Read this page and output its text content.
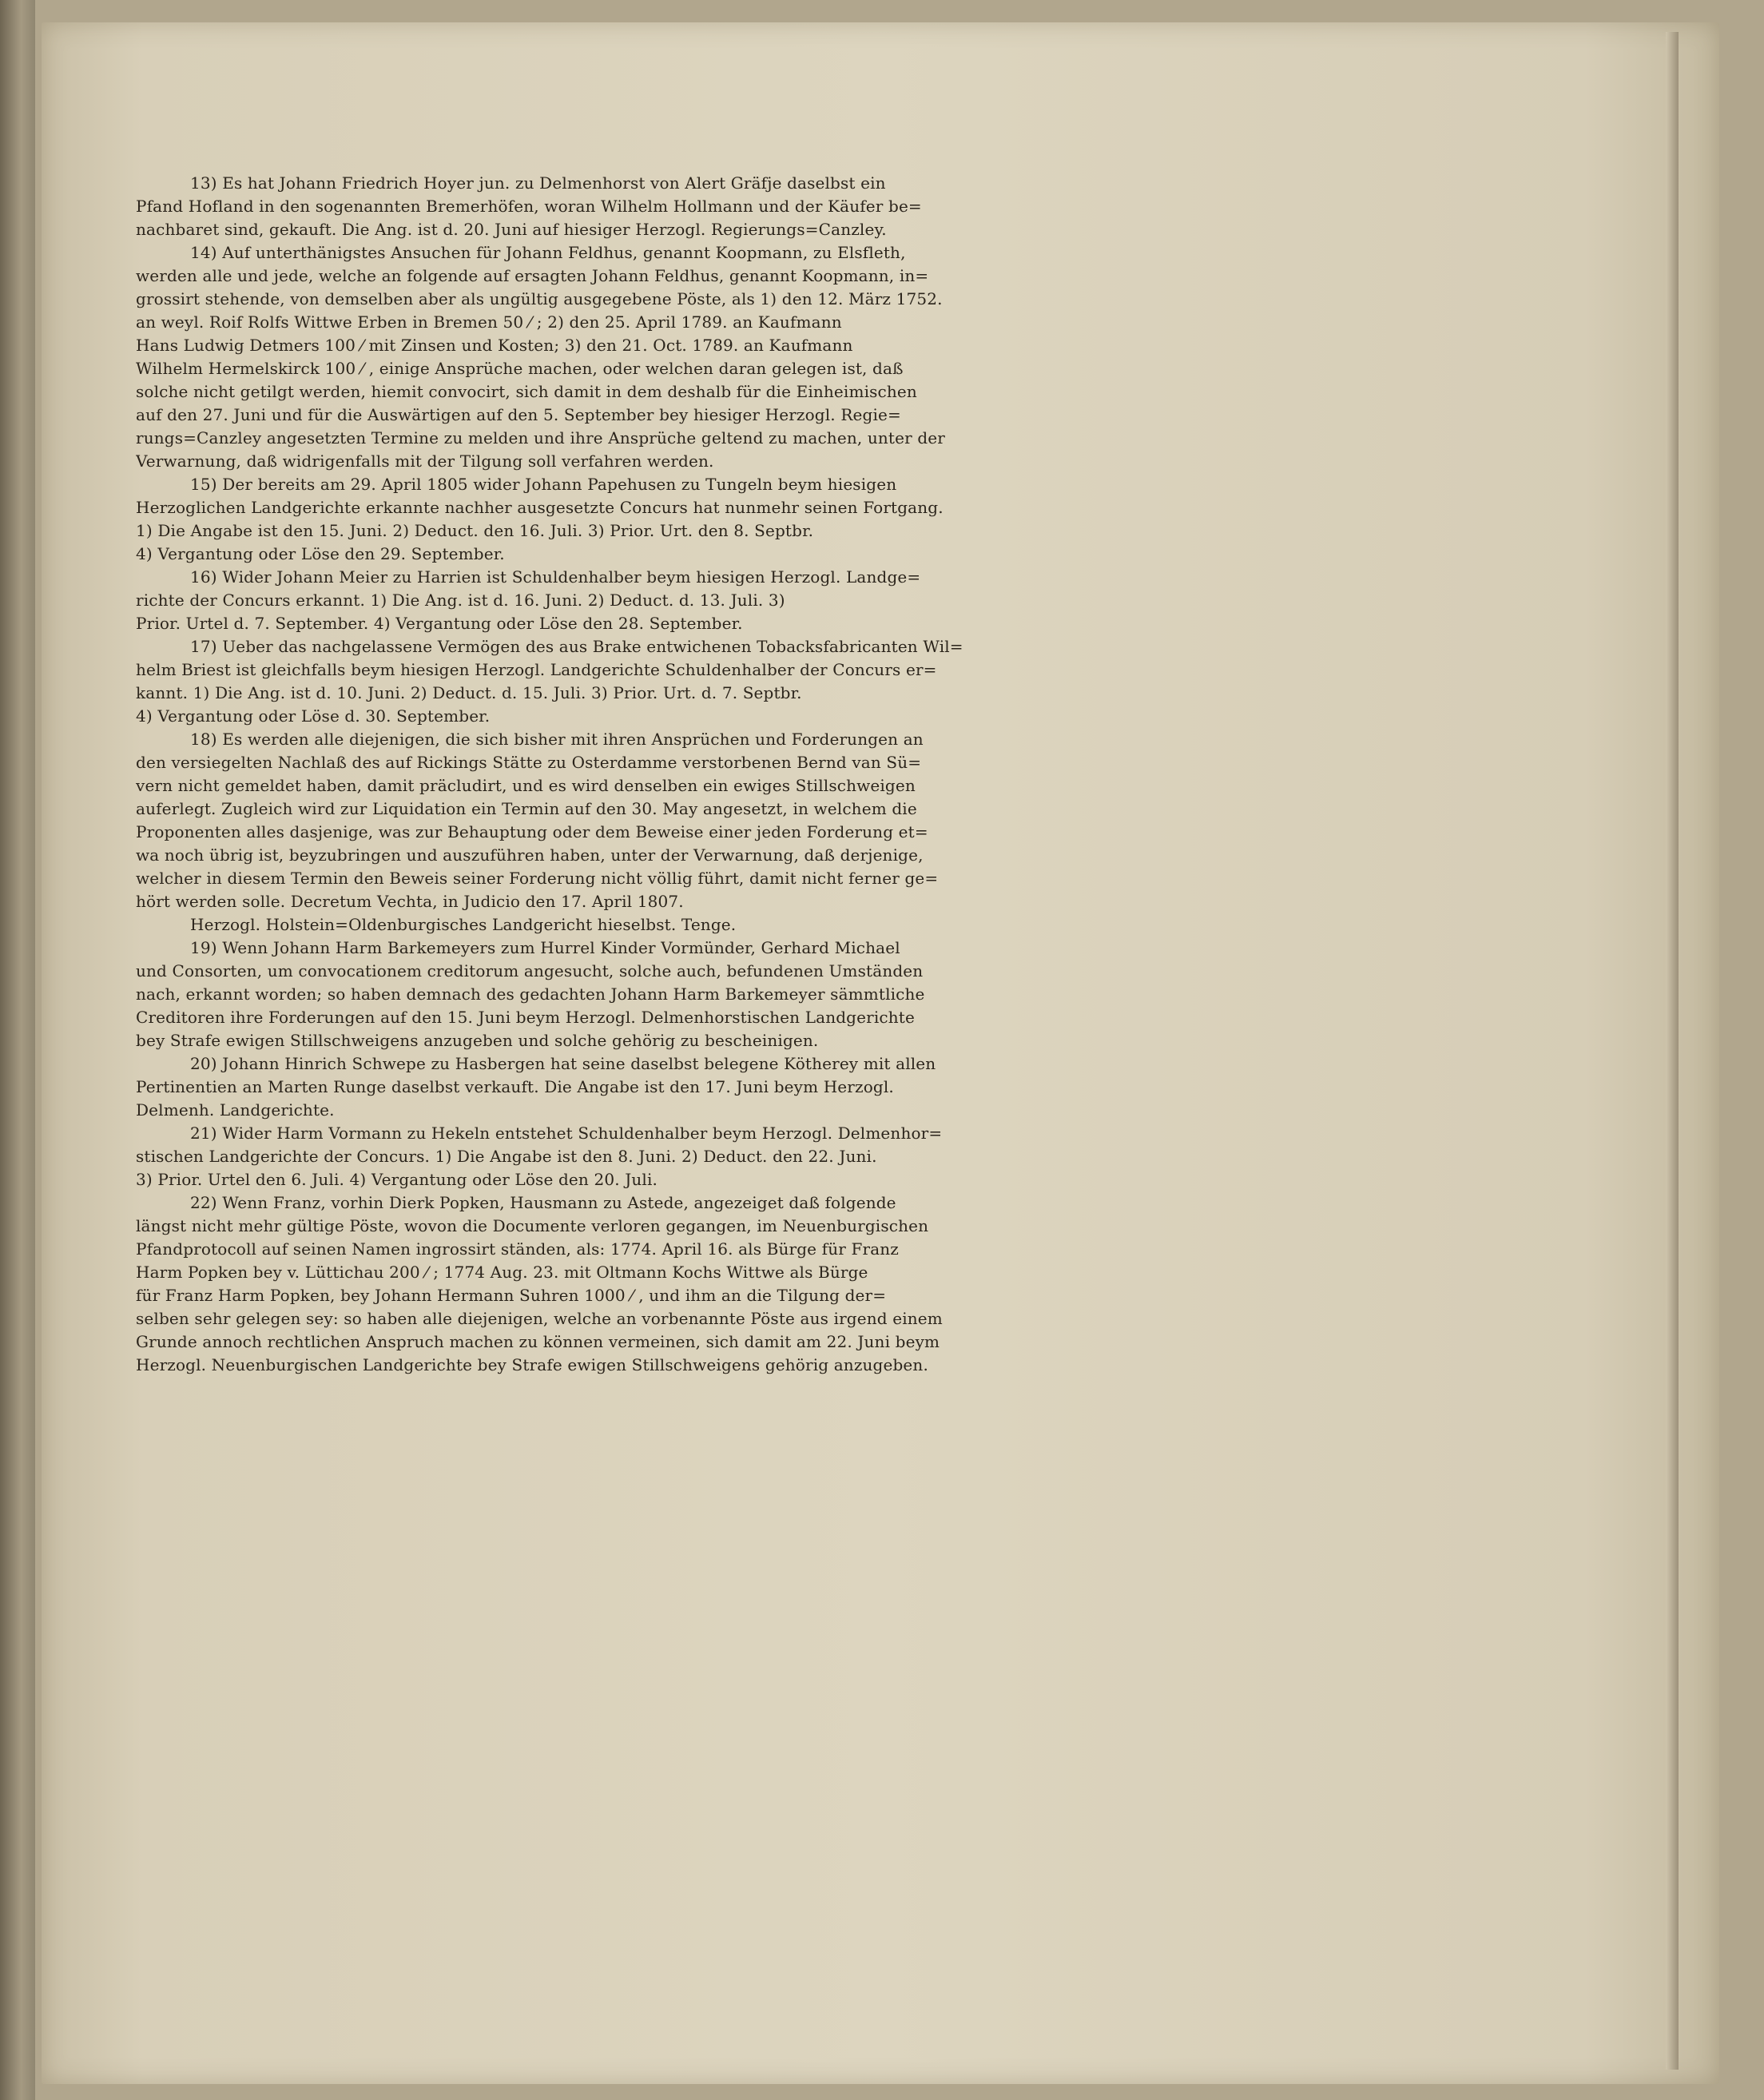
13) Es hat Johann Friedrich Hoyer jun. zu Delmenhorst von Alert Gräfje daselbst ein

Pfand Hofland in den sogenannten Bremerhöfen, woran Wilhelm Hollmann und der Käufer be=

nachbaret sind, gekauft. Die Ang. ist d. 20. Juni auf hiesiger Herzogl. Regierungs=Canzley.

14) Auf unterthänigstes Ansuchen für Johann Feldhus, genannt Koopmann, zu Elsfleth,

werden alle und jede, welche an folgende auf ersagten Johann Feldhus, genannt Koopmann, in=

grossirt stehende, von demselben aber als ungültig ausgegebene Pöste, als 1) den 12. März 1752.

an weyl. Roif Rolfs Wittwe Erben in Bremen 50 ⁄ ; 2) den 25. April 1789. an Kaufmann

Hans Ludwig Detmers 100 ⁄ mit Zinsen und Kosten; 3) den 21. Oct. 1789. an Kaufmann

Wilhelm Hermelskirck 100 ⁄ , einige Ansprüche machen, oder welchen daran gelegen ist, daß

solche nicht getilgt werden, hiemit convocirt, sich damit in dem deshalb für die Einheimischen

auf den 27. Juni und für die Auswärtigen auf den 5. September bey hiesiger Herzogl. Regie=

rungs=Canzley angesetzten Termine zu melden und ihre Ansprüche geltend zu machen, unter der

Verwarnung, daß widrigenfalls mit der Tilgung soll verfahren werden.

15) Der bereits am 29. April 1805 wider Johann Papehusen zu Tungeln beym hiesigen

Herzoglichen Landgerichte erkannte nachher ausgesetzte Concurs hat nunmehr seinen Fortgang.

1) Die Angabe ist den 15. Juni. 2) Deduct. den 16. Juli. 3) Prior. Urt. den 8. Septbr.

4) Vergantung oder Löse den 29. September.

16) Wider Johann Meier zu Harrien ist Schuldenhalber beym hiesigen Herzogl. Landge=

richte der Concurs erkannt. 1) Die Ang. ist d. 16. Juni. 2) Deduct. d. 13. Juli. 3)

Prior. Urtel d. 7. September. 4) Vergantung oder Löse den 28. September.

17) Ueber das nachgelassene Vermögen des aus Brake entwichenen Tobacksfabricanten Wil=

helm Briest ist gleichfalls beym hiesigen Herzogl. Landgerichte Schuldenhalber der Concurs er=

kannt. 1) Die Ang. ist d. 10. Juni. 2) Deduct. d. 15. Juli. 3) Prior. Urt. d. 7. Septbr.

4) Vergantung oder Löse d. 30. September.

18) Es werden alle diejenigen, die sich bisher mit ihren Ansprüchen und Forderungen an

den versiegelten Nachlaß des auf Rickings Stätte zu Osterdamme verstorbenen Bernd van Sü=

vern nicht gemeldet haben, damit präcludirt, und es wird denselben ein ewiges Stillschweigen

auferlegt. Zugleich wird zur Liquidation ein Termin auf den 30. May angesetzt, in welchem die

Proponenten alles dasjenige, was zur Behauptung oder dem Beweise einer jeden Forderung et=

wa noch übrig ist, beyzubringen und auszuführen haben, unter der Verwarnung, daß derjenige,

welcher in diesem Termin den Beweis seiner Forderung nicht völlig führt, damit nicht ferner ge=

hört werden solle. Decretum Vechta, in Judicio den 17. April 1807.

Herzogl. Holstein=Oldenburgisches Landgericht hieselbst. Tenge.

19) Wenn Johann Harm Barkemeyers zum Hurrel Kinder Vormünder, Gerhard Michael

und Consorten, um convocationem creditorum angesucht, solche auch, befundenen Umständen

nach, erkannt worden; so haben demnach des gedachten Johann Harm Barkemeyer sämmtliche

Creditoren ihre Forderungen auf den 15. Juni beym Herzogl. Delmenhorstischen Landgerichte

bey Strafe ewigen Stillschweigens anzugeben und solche gehörig zu bescheinigen.

20) Johann Hinrich Schwepe zu Hasbergen hat seine daselbst belegene Kötherey mit allen

Pertinentien an Marten Runge daselbst verkauft. Die Angabe ist den 17. Juni beym Herzogl.

Delmenh. Landgerichte.

21) Wider Harm Vormann zu Hekeln entstehet Schuldenhalber beym Herzogl. Delmenhor=

stischen Landgerichte der Concurs. 1) Die Angabe ist den 8. Juni. 2) Deduct. den 22. Juni.

3) Prior. Urtel den 6. Juli. 4) Vergantung oder Löse den 20. Juli.

22) Wenn Franz, vorhin Dierk Popken, Hausmann zu Astede, angezeiget daß folgende

längst nicht mehr gültige Pöste, wovon die Documente verloren gegangen, im Neuenburgischen

Pfandprotocoll auf seinen Namen ingrossirt ständen, als: 1774. April 16. als Bürge für Franz

Harm Popken bey v. Lüttichau 200 ⁄ ; 1774 Aug. 23. mit Oltmann Kochs Wittwe als Bürge

für Franz Harm Popken, bey Johann Hermann Suhren 1000 ⁄ , und ihm an die Tilgung der=

selben sehr gelegen sey: so haben alle diejenigen, welche an vorbenannte Pöste aus irgend einem

Grunde annoch rechtlichen Anspruch machen zu können vermeinen, sich damit am 22. Juni beym

Herzogl. Neuenburgischen Landgerichte bey Strafe ewigen Stillschweigens gehörig anzugeben.
